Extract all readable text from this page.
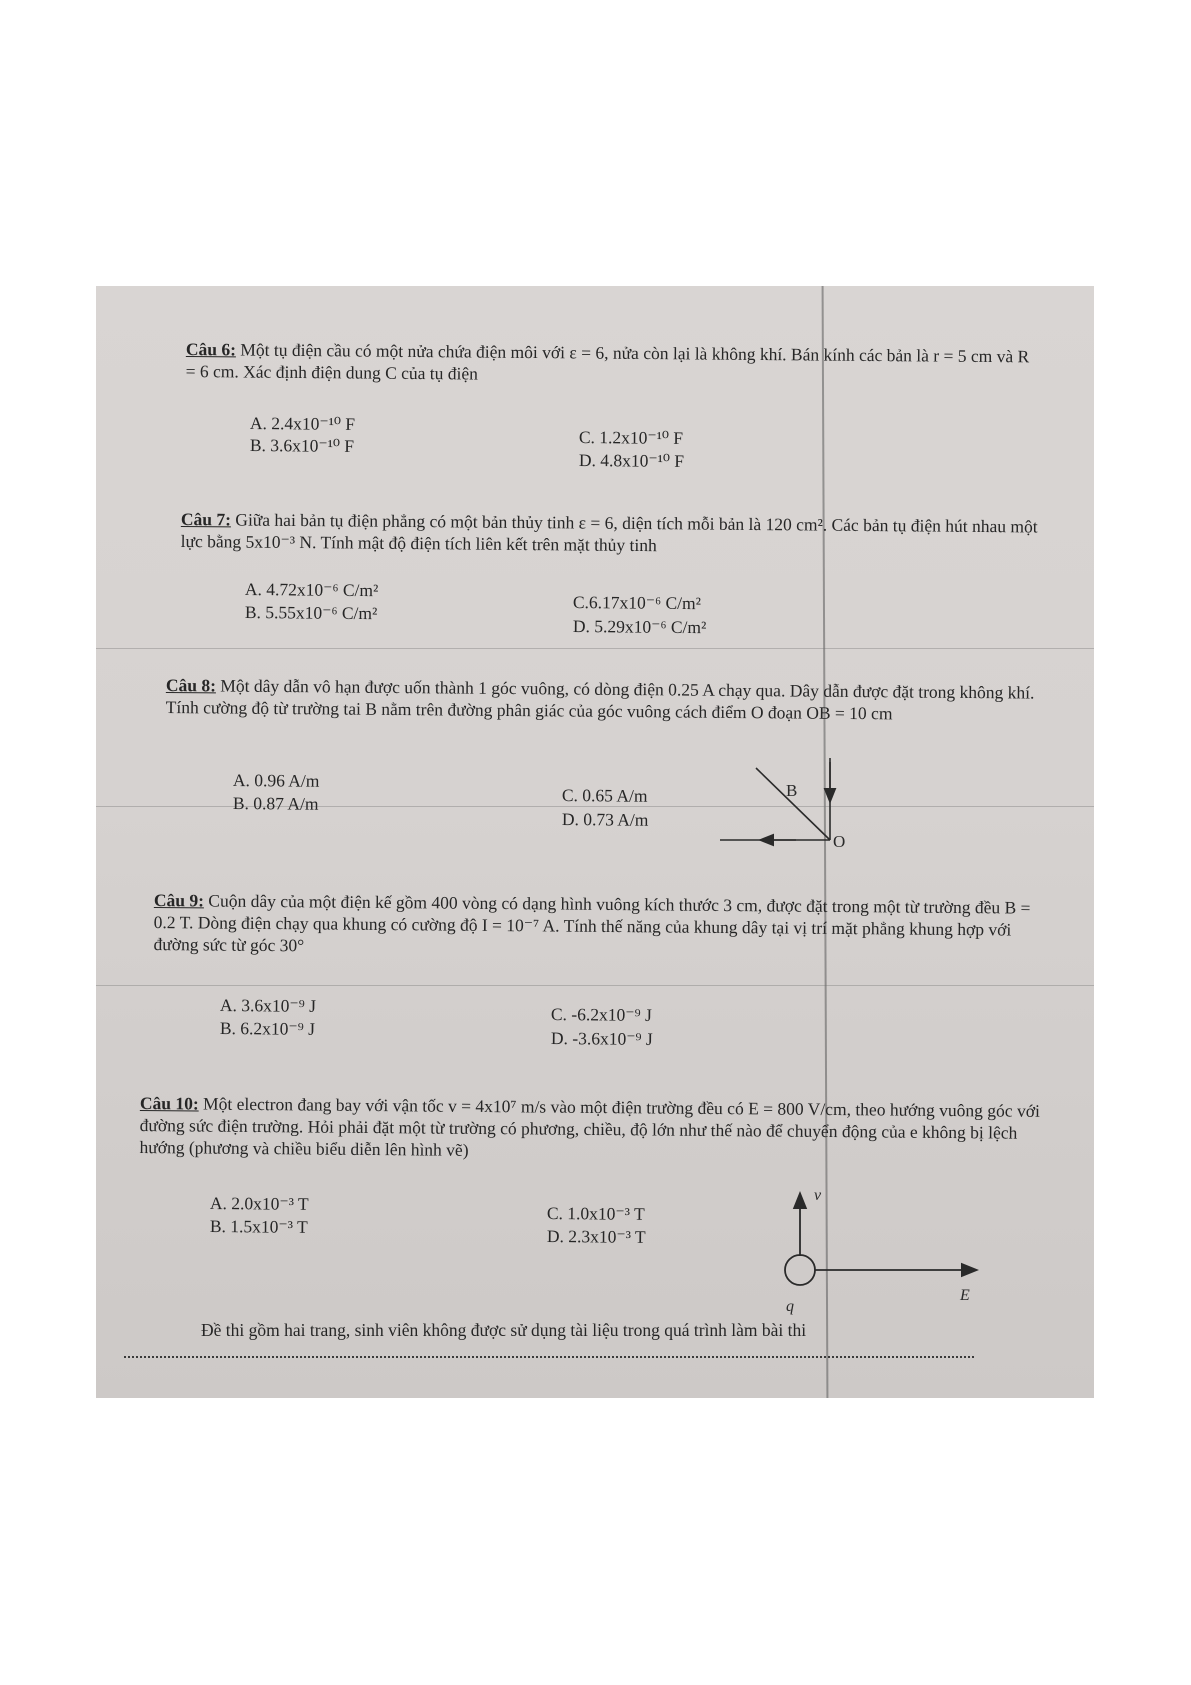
Câu 6: Một tụ điện cầu có một nửa chứa điện môi với ε = 6, nửa còn lại là không khí. Bán kính các bản là r = 5 cm và R = 6 cm. Xác định điện dung C của tụ điện
A. 2.4x10⁻¹⁰ F
B. 3.6x10⁻¹⁰ F	C. 1.2x10⁻¹⁰ F
D. 4.8x10⁻¹⁰ F
Câu 7: Giữa hai bản tụ điện phẳng có một bản thủy tinh ε = 6, diện tích mỗi bản là 120 cm². Các bản tụ điện hút nhau một lực bằng 5x10⁻³ N. Tính mật độ điện tích liên kết trên mặt thủy tinh
A. 4.72x10⁻⁶ C/m²
B. 5.55x10⁻⁶ C/m²	C.6.17x10⁻⁶ C/m²
D. 5.29x10⁻⁶ C/m²
Câu 8: Một dây dẫn vô hạn được uốn thành 1 góc vuông, có dòng điện 0.25 A chạy qua. Dây dẫn được đặt trong không khí. Tính cường độ từ trường tai B nằm trên đường phân giác của góc vuông cách điểm O đoạn OB = 10 cm
A. 0.96 A/m
B. 0.87 A/m	C. 0.65 A/m
D. 0.73 A/m
B
O
Câu 9: Cuộn dây của một điện kế gồm 400 vòng có dạng hình vuông kích thước 3 cm, được đặt trong một từ trường đều B = 0.2 T. Dòng điện chạy qua khung có cường độ I = 10⁻⁷ A. Tính thế năng của khung dây tại vị trí mặt phẳng khung hợp với đường sức từ góc 30°
A. 3.6x10⁻⁹ J
B. 6.2x10⁻⁹ J
C. -6.2x10⁻⁹ J
D. -3.6x10⁻⁹ J
Câu 10: Một electron đang bay với vận tốc v = 4x10⁷ m/s vào một điện trường đều có E = 800 V/cm, theo hướng vuông góc với đường sức điện trường. Hỏi phải đặt một từ trường có phương, chiều, độ lớn như thế nào để chuyển động của e không bị lệch hướng (phương và chiều biểu diễn lên hình vẽ)
A. 2.0x10⁻³ T
B. 1.5x10⁻³ T
C. 1.0x10⁻³ T
D. 2.3x10⁻³ T
v⃗
q
E⃗
Đề thi gồm hai trang, sinh viên không được sử dụng tài liệu trong quá trình làm bài thi
